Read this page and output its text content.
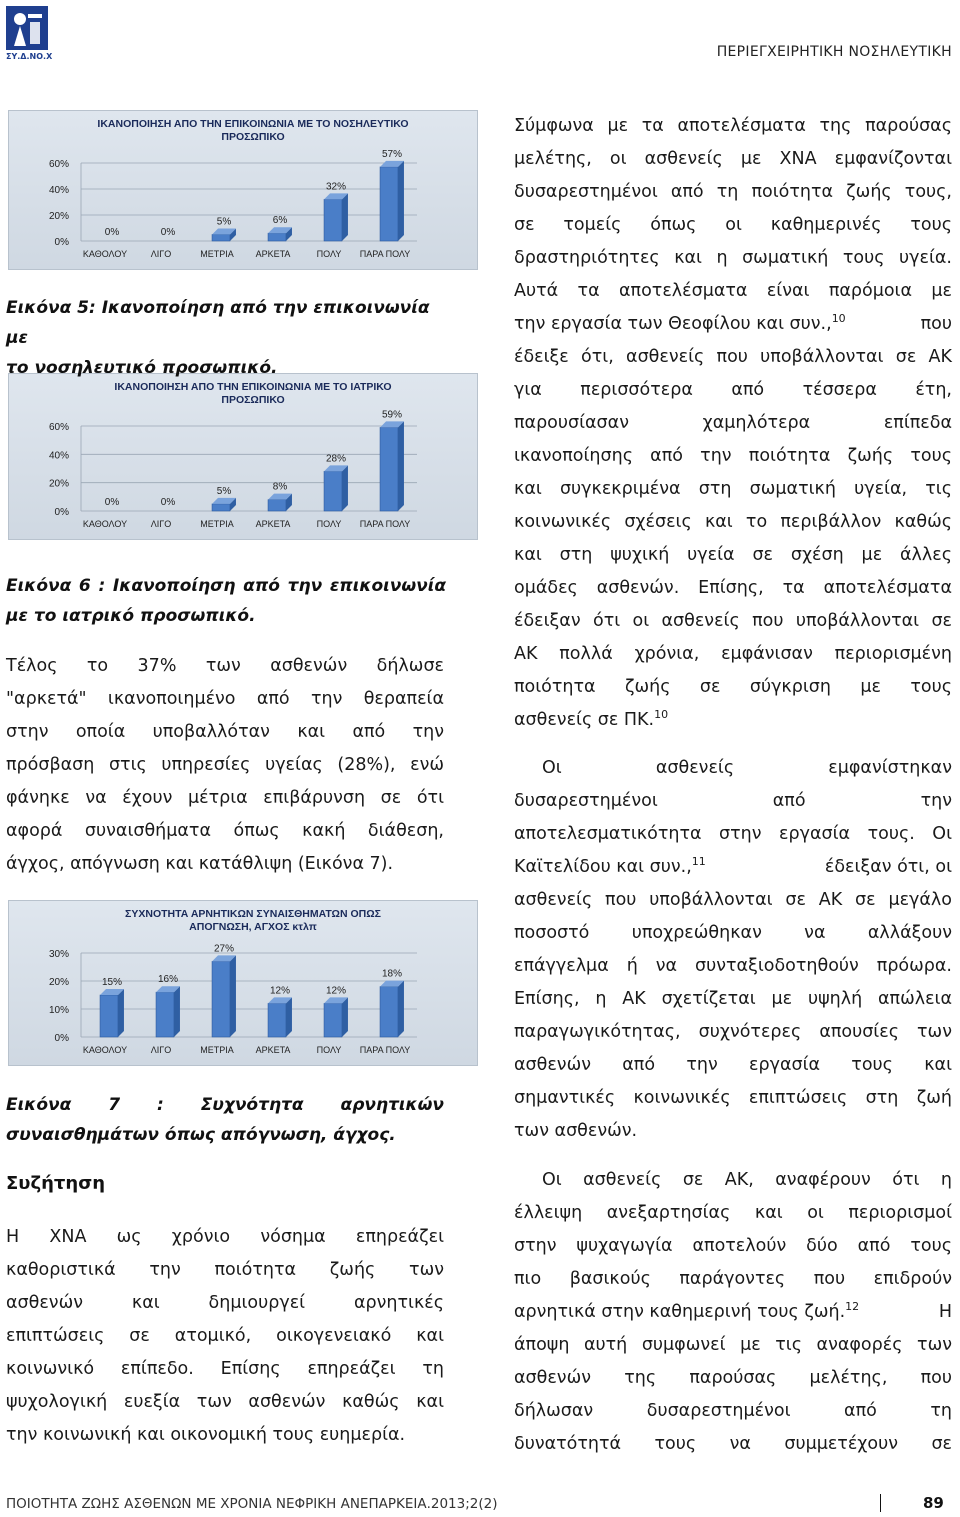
ΣΥ.Δ.ΝΟ.Χ	ΠΕΡΙΕΓΧΕΙΡΗΤΙΚΗ ΝΟΣΗΛΕΥΤΙΚΗ
ΙΚΑΝΟΠΟΙΗΣΗ ΑΠΟ ΤΗΝ ΕΠΙΚΟΙΝΩΝΙΑ ΜΕ ΤΟ ΝΟΣΗΛΕΥΤΙΚΟ
ΠΡΟΣΩΠΙΚΟ
0%
20%
40%
60%
0%
ΚΑΘΟΛΟΥ
0%
ΛΙΓΟ
5%
ΜΕΤΡΙΑ
6%
ΑΡΚΕΤΑ
32%
ΠΟΛΥ
57%
ΠΑΡΑ ΠΟΛΥ
ΙΚΑΝΟΠΟΙΗΣΗ ΑΠΟ ΤΗΝ ΕΠΙΚΟΙΝΩΝΙΑ ΜΕ ΤΟ ΙΑΤΡΙΚΟ
ΠΡΟΣΩΠΙΚΟ
0%
20%
40%
60%
0%
ΚΑΘΟΛΟΥ
0%
ΛΙΓΟ
5%
ΜΕΤΡΙΑ
8%
ΑΡΚΕΤΑ
28%
ΠΟΛΥ
59%
ΠΑΡΑ ΠΟΛΥ
ΣΥΧΝΟΤΗΤΑ ΑΡΝΗΤΙΚΩΝ ΣΥΝΑΙΣΘΗΜΑΤΩΝ ΟΠΩΣ
ΑΠΟΓΝΩΣΗ, ΑΓΧΟΣ κτλπ
0%
10%
20%
30%
15%
ΚΑΘΟΛΟΥ
16%
ΛΙΓΟ
27%
ΜΕΤΡΙΑ
12%
ΑΡΚΕΤΑ
12%
ΠΟΛΥ
18%
ΠΑΡΑ ΠΟΛΥ
Εικόνα 5: Ικανοποίηση από την επικοινωνία με
το νοσηλευτικό προσωπικό.
Εικόνα 6 : Ικανοποίηση από την επικοινωνία
με το ιατρικό προσωπικό.
Εικόνα 7 : Συχνότητα αρνητικών
συναισθημάτων όπως απόγνωση, άγχος.
Τέλος το 37% των ασθενών δήλωσε
"αρκετά" ικανοποιημένο από την θεραπεία
στην οποία υποβαλλόταν και από την
πρόσβαση στις υπηρεσίες υγείας (28%), ενώ
φάνηκε να έχουν μέτρια επιβάρυνση σε ότι
αφορά συναισθήματα όπως κακή διάθεση,
άγχος, απόγνωση και κατάθλιψη (Εικόνα 7).
Συζήτηση
Η ΧΝΑ ως χρόνιο νόσημα επηρεάζει
καθοριστικά την ποιότητα ζωής των
ασθενών και δημιουργεί αρνητικές
επιπτώσεις σε ατομικό, οικογενειακό και
κοινωνικό επίπεδο. Επίσης επηρεάζει τη
ψυχολογική ευεξία των ασθενών καθώς και
την κοινωνική και οικονομική τους ευημερία.
Σύμφωνα με τα αποτελέσματα της παρούσας
μελέτης, οι ασθενείς με ΧΝΑ εμφανίζονται
δυσαρεστημένοι από τη ποιότητα ζωής τους,
σε τομείς όπως οι καθημερινές τους
δραστηριότητες και η σωματική τους υγεία.
Αυτά τα αποτελέσματα είναι παρόμοια με
την εργασία των Θεοφίλου και συν.,$^{10}$	που
έδειξε ότι, ασθενείς που υποβάλλονται σε ΑΚ
για περισσότερα από τέσσερα έτη,
παρουσίασαν χαμηλότερα επίπεδα
ικανοποίησης από την ποιότητα ζωής τους
και συγκεκριμένα στη σωματική υγεία, τις
κοινωνικές σχέσεις και το περιβάλλον καθώς
και στη ψυχική υγεία σε σχέση με άλλες
ομάδες ασθενών. Επίσης, τα αποτελέσματα
έδειξαν ότι οι ασθενείς που υποβάλλονται σε
ΑΚ πολλά χρόνια, εμφάνισαν περιορισμένη
ποιότητα ζωής σε σύγκριση με τους
ασθενείς σε ΠΚ.$^{10}$
Οι ασθενείς εμφανίστηκαν
δυσαρεστημένοι από την
αποτελεσματικότητα στην εργασία τους. Οι
Καϊτελίδου και συν.,$^{11}$	έδειξαν ότι, οι
ασθενείς που υποβάλλονται σε ΑΚ σε μεγάλο
ποσοστό υποχρεώθηκαν να αλλάξουν
επάγγελμα ή να συνταξιοδοτηθούν πρόωρα.
Επίσης, η ΑΚ σχετίζεται με υψηλή απώλεια
παραγωγικότητας, συχνότερες απουσίες των
ασθενών από την εργασία τους και
σημαντικές κοινωνικές επιπτώσεις στη ζωή
των ασθενών.
Οι ασθενείς σε ΑΚ, αναφέρουν ότι η
έλλειψη ανεξαρτησίας και οι περιορισμοί
στην ψυχαγωγία αποτελούν δύο από τους
πιο βασικούς παράγοντες που επιδρούν
αρνητικά στην καθημερινή τους ζωή.$^{12}$	Η
άποψη αυτή συμφωνεί με τις αναφορές των
ασθενών της παρούσας μελέτης, που
δήλωσαν δυσαρεστημένοι από τη
δυνατότητά τους να συμμετέχουν σε
ΠΟΙΟΤΗΤΑ ΖΩΗΣ ΑΣΘΕΝΩΝ ΜΕ ΧΡΟΝΙΑ ΝΕΦΡΙΚΗ ΑΝΕΠΑΡΚΕΙΑ.2013;2(2)	89
